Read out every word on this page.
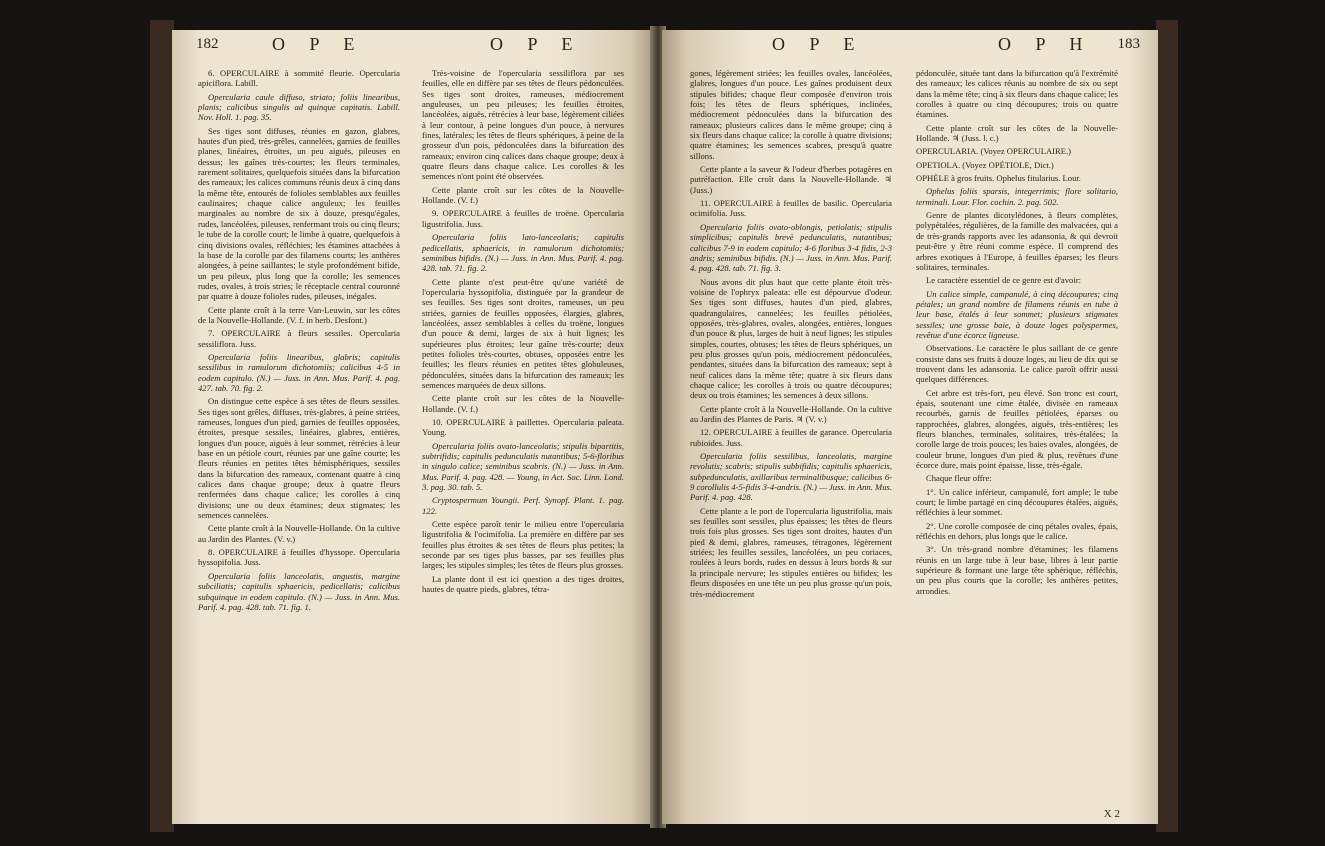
182	O P E	O P E

6. OPERCULAIRE à sommité fleurie. Opercularia apiciflora. Labill.

Opercularia caule diffuso, striato; foliis linearibus, planis; calicibus singulis ad quinque capitatis. Labill. Nov. Holl. 1. pag. 35.

Ses tiges sont diffuses, réunies en gazon, glabres, hautes d'un pied, très-grêles, cannelées, garnies de feuilles planes, linéaires, étroites, un peu aiguës, pileuses en dessus; les gaînes très-courtes; les fleurs terminales, rarement solitaires, quelquefois situées dans la bifurcation des rameaux; les calices communs réunis deux à cinq dans la même tête, entourés de folioles semblables aux feuilles caulinaires; chaque calice anguleux; les feuilles marginales au nombre de six à douze, presqu'égales, rudes, lancéolées, pileuses, renfermant trois ou cinq fleurs; le tube de la corolle court; le limbe à quatre, quelquefois à cinq divisions ovales, réfléchies; les étamines attachées à la base de la corolle par des filamens courts; les anthères alongées, à peine saillantes; le style profondément bifide, un peu pileux, plus long que la corolle; les semences rudes, ovales, à trois stries; le réceptacle central couronné par quatre à douze folioles rudes, pileuses, inégales.

Cette plante croît à la terre Van-Leuwin, sur les côtes de la Nouvelle-Hollande. (V. f. in herb. Desfont.)

7. OPERCULAIRE à fleurs sessiles. Opercularia sessiliflora. Juss.

Opercularia foliis linearibus, glabris; capitulis sessilibus in ramulorum dichotomiis; calicibus 4-5 in eodem capitulo. (N.) — Juss. in Ann. Mus. Parif. 4. pag. 427. tab. 70. fig. 2.

On distingue cette espèce à ses têtes de fleurs sessiles. Ses tiges sont grêles, diffuses, très-glabres, à peine striées, rameuses, longues d'un pied, garnies de feuilles opposées, étroites, presque sessiles, linéaires, glabres, entières, longues d'un pouce, aiguës à leur sommet, rétrécies à leur base en un pétiole court, réunies par une gaîne courte; les fleurs réunies en petites têtes hémisphériques, sessiles dans la bifurcation des rameaux, contenant quatre à cinq calices dans chaque groupe; deux à quatre fleurs renfermées dans chaque calice; les corolles à cinq divisions; une ou deux étamines; deux stigmates; les semences cannelées.

Cette plante croît à la Nouvelle-Hollande. On la cultive au Jardin des Plantes. (V. v.)

8. OPERCULAIRE à feuilles d'hyssope. Opercularia hyssopifolia. Juss.

Opercularia foliis lanceolatis, angustis, margine subciliatis; capitulis sphaericis, pedicellatis; calicibus subquinque in eodem capitulo. (N.) — Juss. in Ann. Mus. Parif. 4. pag. 428. tab. 71. fig. 1.

Très-voisine de l'opercularia sessiliflora par ses feuilles, elle en diffère par ses têtes de fleurs pédonculées. Ses tiges sont droites, rameuses, médiocrement anguleuses, un peu pileuses; les feuilles étroites, lancéolées, aiguës, rétrécies à leur base, légèrement ciliées à leur contour, à peine longues d'un pouce, à nervures fines, latérales; les têtes de fleurs sphériques, à peine de la grosseur d'un pois, pédonculées dans la bifurcation des rameaux; environ cinq calices dans chaque groupe; deux à quatre fleurs dans chaque calice. Les corolles & les semences n'ont point été observées.

Cette plante croît sur les côtes de la Nouvelle-Hollande. (V. f.)

9. OPERCULAIRE à feuilles de troëne. Opercularia ligustrifolia. Juss.

Opercularia foliis lato-lanceolatis; capitulis pedicellatis, sphaericis, in ramulorum dichotomiis; seminibus bifidis. (N.) — Juss. in Ann. Mus. Parif. 4. pag. 428. tab. 71. fig. 2.

Cette plante n'est peut-être qu'une variété de l'opercularia hyssopifolia, distinguée par la grandeur de ses feuilles. Ses tiges sont droites, rameuses, un peu striées, garnies de feuilles opposées, élargies, glabres, lancéolées, assez semblables à celles du troëne, longues d'un pouce & demi, larges de six à huit lignes; les supérieures plus étroites; leur gaîne très-courte; deux petites folioles très-courtes, obtuses, opposées entre les feuilles; les fleurs réunies en petites têtes globuleuses, pédonculées, situées dans la bifurcation des rameaux; les semences marquées de deux sillons.

Cette plante croît sur les côtes de la Nouvelle-Hollande. (V. f.)

10. OPERCULAIRE à paillettes. Opercularia paleata. Young.

Opercularia foliis ovato-lanceolatis; stipulis bipartitis, subtrifidis; capitulis pedunculatis nutantibus; 5-6-floribus in singulo calice; seminibus scabris. (N.) — Juss. in Ann. Mus. Parif. 4. pag. 428. — Young, in Act. Soc. Linn. Lond. 3. pag. 30. tab. 5.

Cryptospermum Youngii. Perf. Synopf. Plant. 1. pag. 122.

Cette espèce paroît tenir le milieu entre l'opercularia ligustrifolia & l'ocimifolia. La première en diffère par ses feuilles plus étroites & ses têtes de fleurs plus petites; la seconde par ses tiges plus basses, par ses feuilles plus larges; les stipules simples; les têtes de fleurs plus grosses.

La plante dont il est ici question a des tiges droites, hautes de quatre pieds, glabres, tétra-

O P E	O P H 183

gones, légèrement striées; les feuilles ovales, lancéolées, glabres, longues d'un pouce. Les gaînes produisent deux stipules bifides; chaque fleur composée d'environ trois fois; les têtes de fleurs sphériques, inclinées, médiocrement pédonculées dans la bifurcation des rameaux; plusieurs calices dans le même groupe; cinq à six fleurs dans chaque calice; la corolle à quatre divisions; quatre étamines; les semences scabres, presqu'à quatre sillons.

Cette plante a la saveur & l'odeur d'herbes potagères en putréfaction. Elle croît dans la Nouvelle-Hollande. ♃ (Juss.)

11. OPERCULAIRE à feuilles de basilic. Opercularia ocimifolia. Juss.

Opercularia foliis ovato-oblongis, petiolatis; stipulis simplicibus; capitulis brevè pedunculatis, nutantibus; calicibus 7-9 in eodem capitulo; 4-6 floribus 3-4 fidis, 2-3 andris; seminibus bifidis. (N.) — Juss. in Ann. Mus. Parif. 4. pag. 428. tab. 71. fig. 3.

Nous avons dit plus haut que cette plante étoit très-voisine de l'ophryx paleata: elle est dépourvue d'odeur. Ses tiges sont diffuses, hautes d'un pied, glabres, quadrangulaires, cannelées; les feuilles pétiolées, opposées, très-glabres, ovales, alongées, entières, longues d'un pouce & plus, larges de huit à neuf lignes; les stipules simples, courtes, obtuses; les têtes de fleurs sphériques, un peu plus grosses qu'un pois, médiocrement pédonculées, pendantes, situées dans la bifurcation des rameaux; sept à neuf calices dans la même tête; quatre à six fleurs dans chaque calice; les corolles à trois ou quatre découpures; deux ou trois étamines; les semences à deux sillons.

Cette plante croît à la Nouvelle-Hollande. On la cultive au Jardin des Plantes de Paris. ♃ (V. v.)

12. OPERCULAIRE à feuilles de garance. Opercularia rubioides. Juss.

Opercularia foliis sessilibus, lanceolatis, margine revolutis; scabris; stipulis subbifidis; capitulis sphaericis, subpedunculatis, axillaribus terminalibusque; calicibus 6-9 corollulis 4-5-fidis 3-4-andris. (N.) — Juss. in Ann. Mus. Parif. 4. pag. 428.

Cette plante a le port de l'opercularia ligustrifolia, mais ses feuilles sont sessiles, plus épaisses; les têtes de fleurs trois fois plus grosses. Ses tiges sont droites, hautes d'un pied & demi, glabres, rameuses, tétragones, légèrement striées; les feuilles sessiles, lancéolées, un peu coriaces, roulées à leurs bords, rudes en dessus à leurs bords & sur la principale nervure; les stipules entières ou bifides; les fleurs disposées en une tête un peu plus grosse qu'un pois, très-médiocrement

pédonculée, située tant dans la bifurcation qu'à l'extrémité des rameaux; les calices réunis au nombre de six ou sept dans la même tête; cinq à six fleurs dans chaque calice; les corolles à quatre ou cinq découpures; trois ou quatre étamines.

Cette plante croît sur les côtes de la Nouvelle-Hollande. ♃ (Juss. l. c.)

OPERCULARIA. (Voyez OPERCULAIRE.)

OPETIOLA. (Voyez OPÉTIOLE, Dict.)

OPHÈLE à gros fruits. Ophelus fitularius. Lour.

Ophelus foliis sparsis, integerrimis; flore solitario, terminali. Lour. Flor. cochin. 2. pag. 502.

Genre de plantes dicotylédones, à fleurs complètes, polypétalées, régulières, de la famille des malvacées, qui a de très-grands rapports avec les adansonia, & qui devroit peut-être y être réuni comme espèce. Il comprend des arbres exotiques à l'Europe, à feuilles éparses; les fleurs solitaires, terminales.

Le caractère essentiel de ce genre est d'avoir:

Un calice simple, campanulé, à cinq découpures; cinq pétales; un grand nombre de filamens réunis en tube à leur base, étalés à leur sommet; plusieurs stigmates sessiles; une grosse baie, à douze loges polyspermes, revêtue d'une écorce ligneuse.

Observations. Le caractère le plus saillant de ce genre consiste dans ses fruits à douze loges, au lieu de dix qui se trouvent dans les adansonia. Le calice paroît offrir aussi quelques différences.

Cet arbre est très-fort, peu élevé. Son tronc est court, épais, soutenant une cime étalée, divisée en rameaux recourbés, garnis de feuilles pétiolées, éparses ou rapprochées, glabres, alongées, aiguës, très-entières; les fleurs blanches, terminales, solitaires, très-étalées; la corolle large de trois pouces; les baies ovales, alongées, de couleur brune, longues d'un pied & plus, revêtues d'une écorce dure, mais point épaisse, lisse, très-égale.

Chaque fleur offre:

1°. Un calice inférieur, campanulé, fort ample; le tube court; le limbe partagé en cinq découpures étalées, aiguës, réfléchies à leur sommet.

2°. Une corolle composée de cinq pétales ovales, épais, réfléchis en dehors, plus longs que le calice.

3°. Un très-grand nombre d'étamines; les filamens réunis en un large tube à leur base, libres à leur partie supérieure & formant une large tête sphérique, réfléchis, un peu plus courts que la corolle; les anthères petites, arrondies.

X 2
